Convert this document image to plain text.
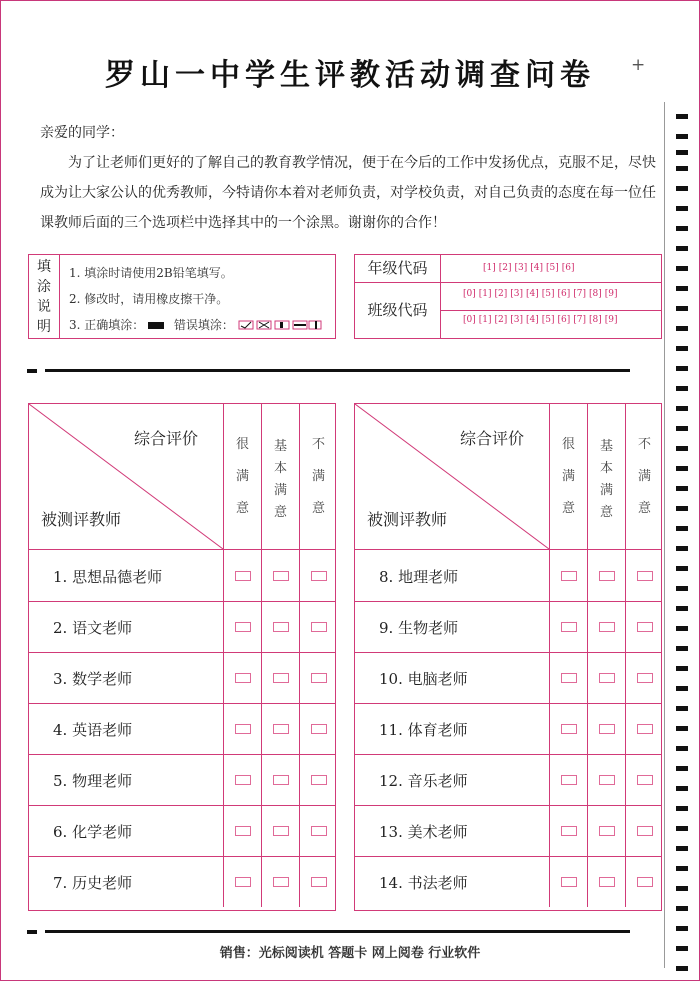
罗山一中学生评教活动调查问卷	+

亲爱的同学：

为了让老师们更好的了解自己的教育教学情况，便于在今后的工作中发扬优点，克服不足，尽快成为让大家公认的优秀教师，今特请你本着对老师负责，对学校负责，对自己负责的态度在每一位任课教师后面的三个选项栏中选择其中的一个涂黑。谢谢你的合作！

填涂说明
1. 填涂时请使用2B铅笔填写。
2. 修改时，请用橡皮擦干净。
3. 正确填涂： 错误填涂：
年级代码	[1] [2] [3] [4] [5] [6]
班级代码
[0] [1] [2] [3] [4] [5] [6] [7] [8] [9]
[0] [1] [2] [3] [4] [5] [6] [7] [8] [9]
综合评价
被测评教师
很满意
基本满意
不满意
1. 思想品德老师
2. 语文老师
3. 数学老师
4. 英语老师
5. 物理老师
6. 化学老师
7. 历史老师
综合评价
被测评教师
很满意
基本满意
不满意
8. 地理老师
9. 生物老师
10. 电脑老师
11. 体育老师
12. 音乐老师
13. 美术老师
14. 书法老师
销售：光标阅读机 答题卡 网上阅卷 行业软件
